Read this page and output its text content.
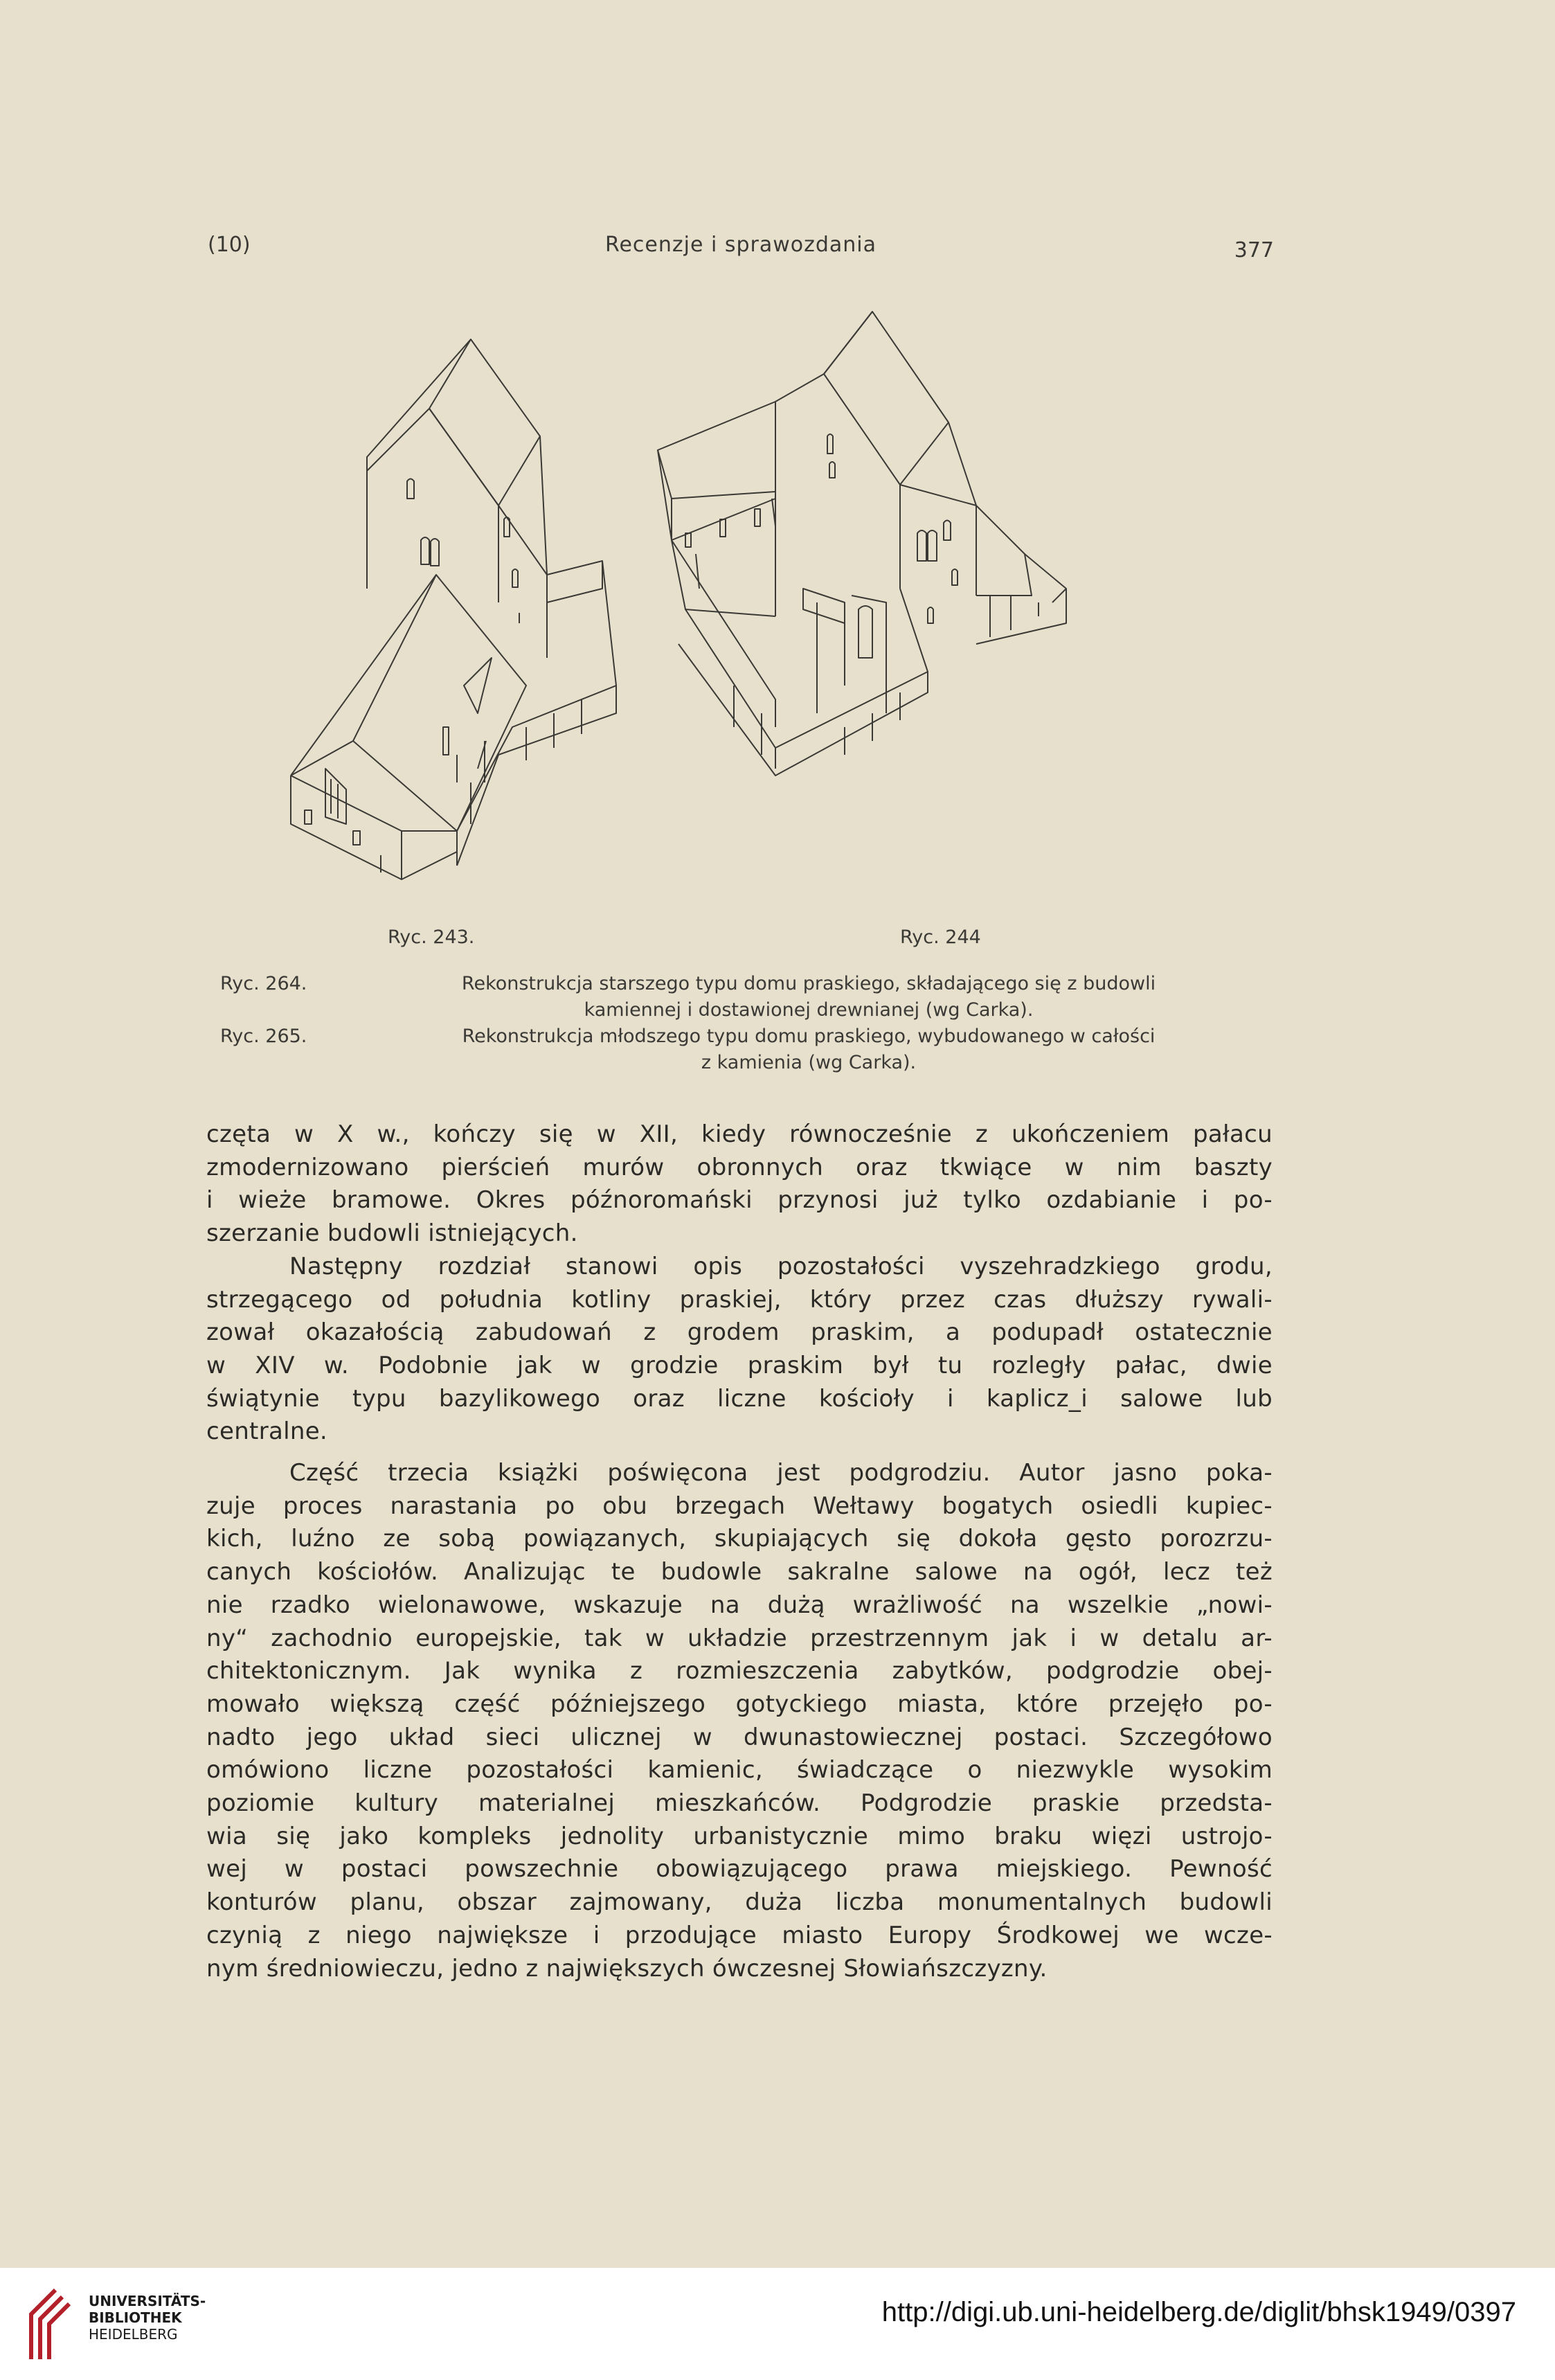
(10)	Recenzje i sprawozdania	377
Ryc. 243.	Ryc. 244
Ryc. 264.	Rekonstrukcja starszego typu domu praskiego, składającego się z budowli
kamiennej i dostawionej drewnianej (wg Carka).
Ryc. 265.	Rekonstrukcja młodszego typu domu praskiego, wybudowanego w całości
z kamienia (wg Carka).
częta w X w., kończy się w XII, kiedy równocześnie z ukończeniem pałacu
zmodernizowano pierścień murów obronnych oraz tkwiące w nim baszty
i wieże bramowe. Okres późnoromański przynosi już tylko ozdabianie i po-
szerzanie budowli istniejących.
Następny rozdział stanowi opis pozostałości vyszehradzkiego grodu,
strzegącego od południa kotliny praskiej, który przez czas dłuższy rywali-
zował okazałością zabudowań z grodem praskim, a podupadł ostatecznie
w XIV w. Podobnie jak w grodzie praskim był tu rozległy pałac, dwie
świątynie typu bazylikowego oraz liczne kościoły i kaplicz_i salowe lub
centralne.
Część trzecia książki poświęcona jest podgrodziu. Autor jasno poka-
zuje proces narastania po obu brzegach Wełtawy bogatych osiedli kupiec-
kich, luźno ze sobą powiązanych, skupiających się dokoła gęsto porozrzu-
canych kościołów. Analizując te budowle sakralne salowe na ogół, lecz też
nie rzadko wielonawowe, wskazuje na dużą wrażliwość na wszelkie „nowi-
ny“ zachodnio europejskie, tak w układzie przestrzennym jak i w detalu ar-
chitektonicznym. Jak wynika z rozmieszczenia zabytków, podgrodzie obej-
mowało większą część późniejszego gotyckiego miasta, które przejęło po-
nadto jego układ sieci ulicznej w dwunastowiecznej postaci. Szczegółowo
omówiono liczne pozostałości kamienic, świadczące o niezwykle wysokim
poziomie kultury materialnej mieszkańców. Podgrodzie praskie przedsta-
wia się jako kompleks jednolity urbanistycznie mimo braku więzi ustrojo-
wej w postaci powszechnie obowiązującego prawa miejskiego. Pewność
konturów planu, obszar zajmowany, duża liczba monumentalnych budowli
czynią z niego największe i przodujące miasto Europy Środkowej we wcze-
nym średniowieczu, jedno z największych ówczesnej Słowiańszczyzny.
UNIVERSITÄTS-
BIBLIOTHEK
HEIDELBERG
http://digi.ub.uni-heidelberg.de/diglit/bhsk1949/0397
